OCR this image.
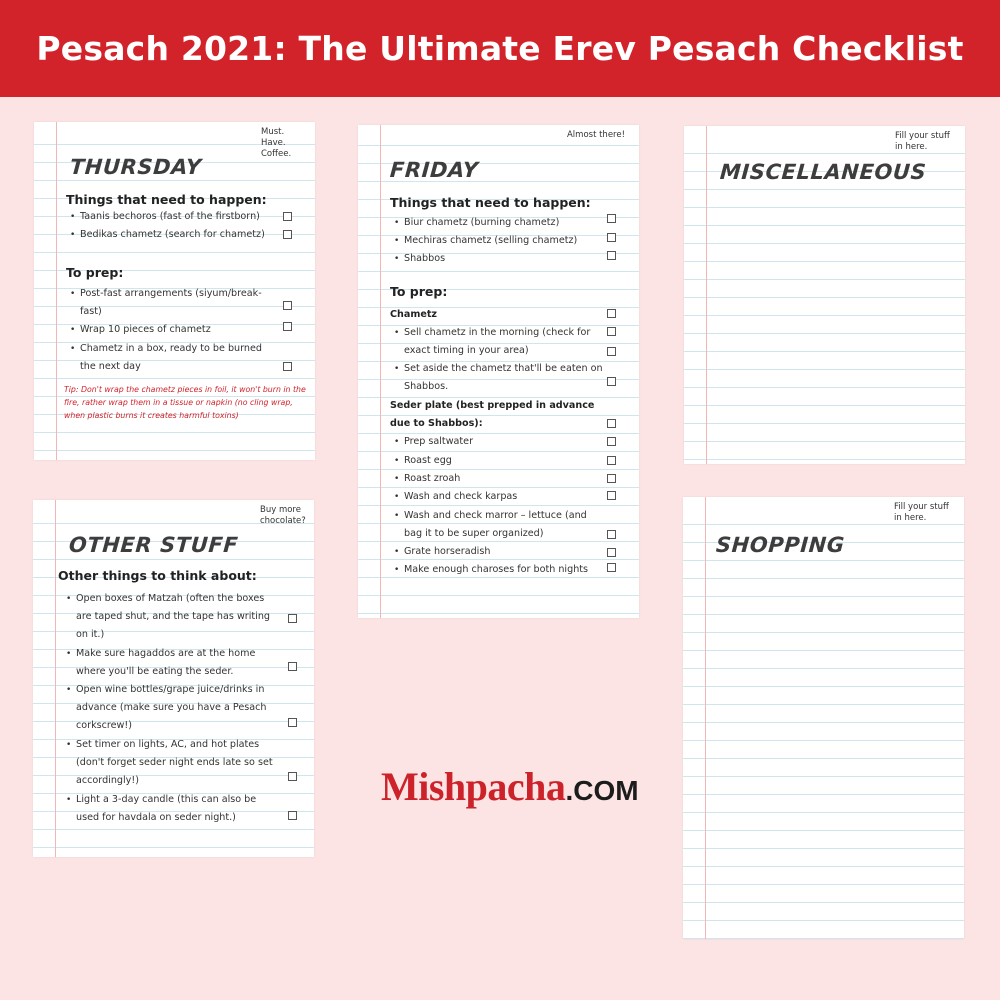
Pesach 2021: The Ultimate Erev Pesach Checklist
Must. Have. Coffee.
THURSDAY
Things that need to happen:
• Taanis bechoros (fast of the firstborn)
• Bedikas chametz (search for chametz)
To prep:
• Post-fast arrangements (siyum/break-fast)
• Wrap 10 pieces of chametz
• Chametz in a box, ready to be burned the next day
Tip: Don't wrap the chametz pieces in foil, it won't burn in the fire, rather wrap them in a tissue or napkin (no cling wrap, when plastic burns it creates harmful toxins)
Almost there!
FRIDAY
Things that need to happen:
• Biur chametz (burning chametz)
• Mechiras chametz (selling chametz)
• Shabbos
To prep:
Chametz
• Sell chametz in the morning (check for exact timing in your area)
• Set aside the chametz that'll be eaten on Shabbos.
Seder plate (best prepped in advance due to Shabbos):
• Prep saltwater
• Roast egg
• Roast zroah
• Wash and check karpas
• Wash and check marror – lettuce (and bag it to be super organized)
• Grate horseradish
• Make enough charoses for both nights
Fill your stuff in here.
MISCELLANEOUS
Buy more chocolate?
OTHER STUFF
Other things to think about:
• Open boxes of Matzah (often the boxes are taped shut, and the tape has writing on it.)
• Make sure hagaddos are at the home where you'll be eating the seder.
• Open wine bottles/grape juice/drinks in advance (make sure you have a Pesach corkscrew!)
• Set timer on lights, AC, and hot plates (don't forget seder night ends late so set accordingly!)
• Light a 3-day candle (this can also be used for havdala on seder night.)
Fill your stuff in here.
SHOPPING
Mishpacha.COM
